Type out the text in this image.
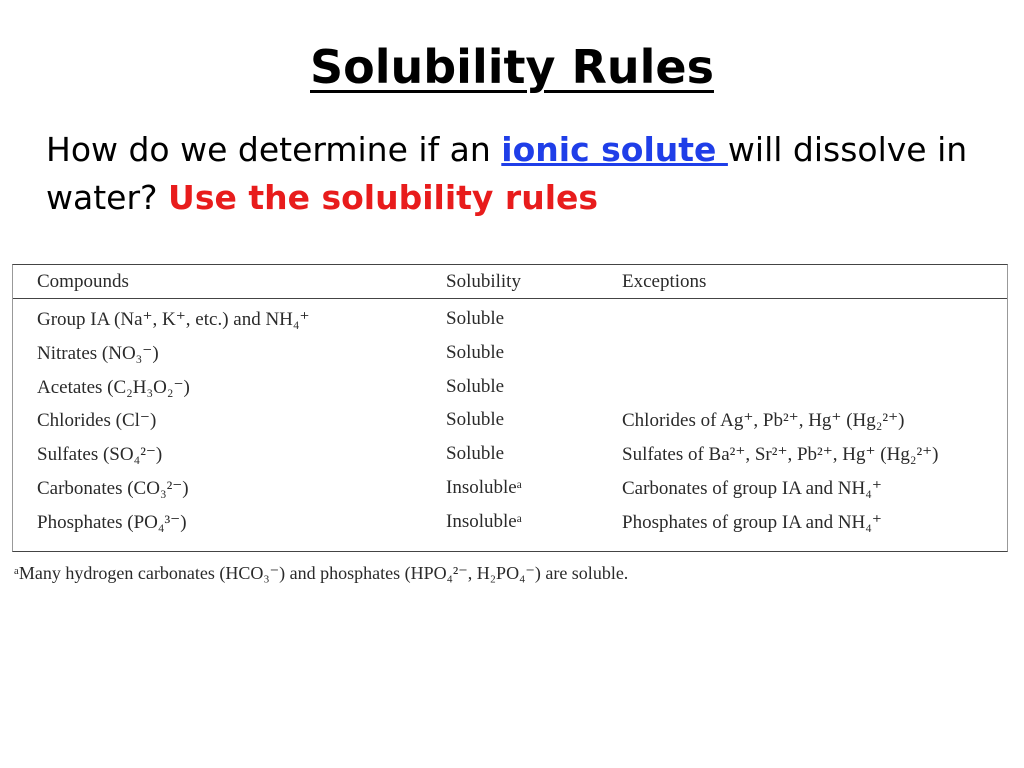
Solubility Rules
How do we determine if an ionic solute will dissolve in water? Use the solubility rules
Compounds	Solubility	Exceptions
Group IA (Na⁺, K⁺, etc.) and NH₄⁺	Soluble
Nitrates (NO₃⁻)	Soluble
Acetates (C₂H₃O₂⁻)	Soluble
Chlorides (Cl⁻)	Soluble	Chlorides of Ag⁺, Pb²⁺, Hg⁺ (Hg₂²⁺)
Sulfates (SO₄²⁻)	Soluble	Sulfates of Ba²⁺, Sr²⁺, Pb²⁺, Hg⁺ (Hg₂²⁺)
Carbonates (CO₃²⁻)	Insolubleᵃ	Carbonates of group IA and NH₄⁺
Phosphates (PO₄³⁻)	Insolubleᵃ	Phosphates of group IA and NH₄⁺
ᵃMany hydrogen carbonates (HCO₃⁻) and phosphates (HPO₄²⁻, H₂PO₄⁻) are soluble.
